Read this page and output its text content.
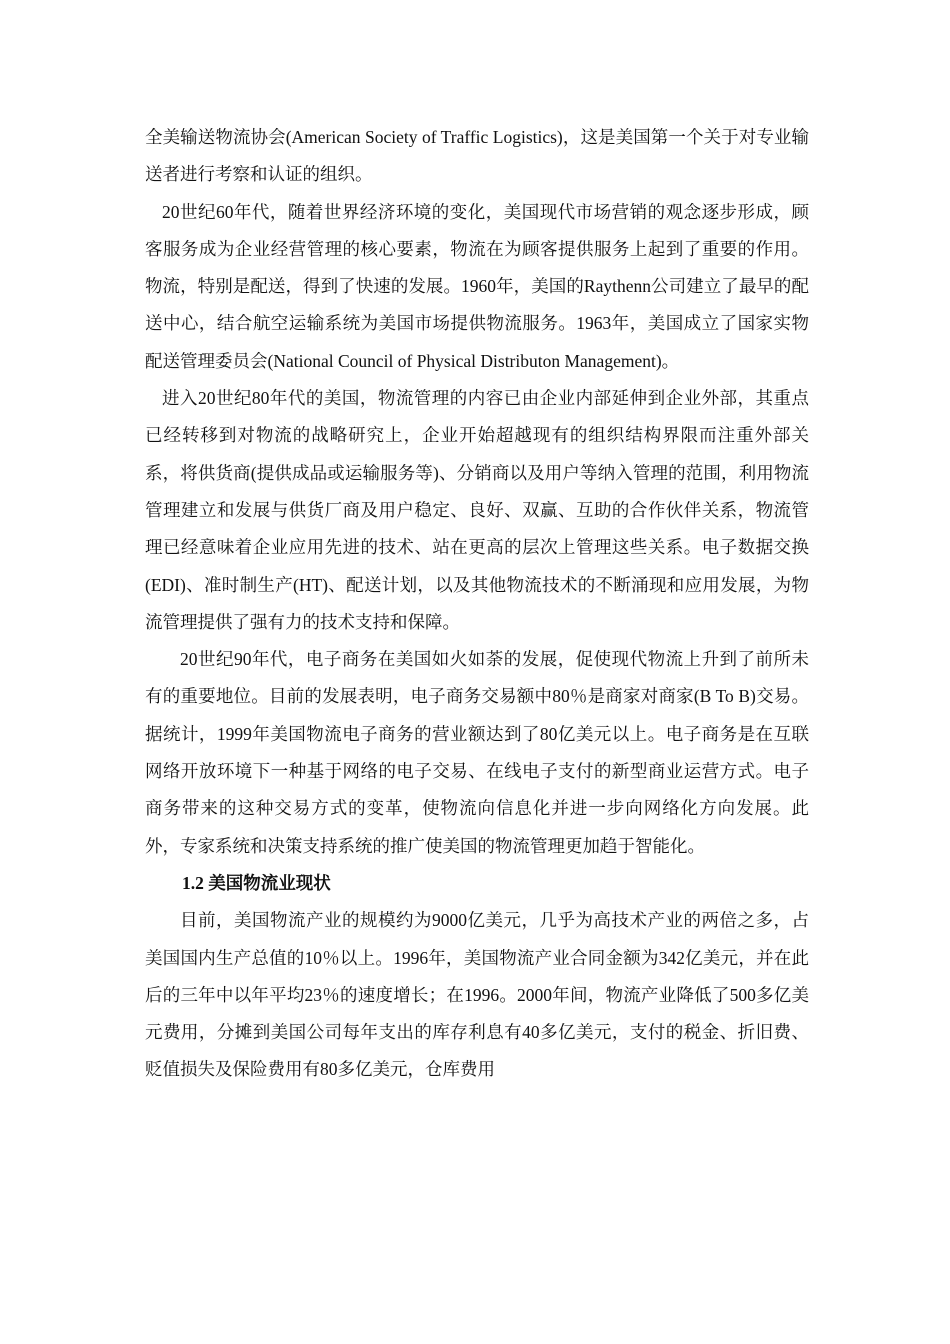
全美输送物流协会(American Society of Traffic Logistics)，这是美国第一个关于对专业输送者进行考察和认证的组织。

20世纪60年代，随着世界经济环境的变化，美国现代市场营销的观念逐步形成，顾客服务成为企业经营管理的核心要素，物流在为顾客提供服务上起到了重要的作用。物流，特别是配送，得到了快速的发展。1960年，美国的Raythenn公司建立了最早的配送中心，结合航空运输系统为美国市场提供物流服务。1963年，美国成立了国家实物配送管理委员会(National Council of Physical Distributon Management)。

进入20世纪80年代的美国，物流管理的内容已由企业内部延伸到企业外部，其重点已经转移到对物流的战略研究上，企业开始超越现有的组织结构界限而注重外部关系，将供货商(提供成品或运输服务等)、分销商以及用户等纳入管理的范围，利用物流管理建立和发展与供货厂商及用户稳定、良好、双赢、互助的合作伙伴关系，物流管理已经意味着企业应用先进的技术、站在更高的层次上管理这些关系。电子数据交换(EDI)、准时制生产(HT)、配送计划，以及其他物流技术的不断涌现和应用发展，为物流管理提供了强有力的技术支持和保障。

20世纪90年代，电子商务在美国如火如荼的发展，促使现代物流上升到了前所未有的重要地位。目前的发展表明，电子商务交易额中80％是商家对商家(B To B)交易。据统计，1999年美国物流电子商务的营业额达到了80亿美元以上。电子商务是在互联网络开放环境下一种基于网络的电子交易、在线电子支付的新型商业运营方式。电子商务带来的这种交易方式的变革，使物流向信息化并进一步向网络化方向发展。此外，专家系统和决策支持系统的推广使美国的物流管理更加趋于智能化。

1.2 美国物流业现状

目前，美国物流产业的规模约为9000亿美元，几乎为高技术产业的两倍之多，占美国国内生产总值的10％以上。1996年，美国物流产业合同金额为342亿美元，并在此后的三年中以年平均23％的速度增长；在1996。2000年间，物流产业降低了500多亿美元费用，分摊到美国公司每年支出的库存利息有40多亿美元，支付的税金、折旧费、贬值损失及保险费用有80多亿美元，仓库费用
